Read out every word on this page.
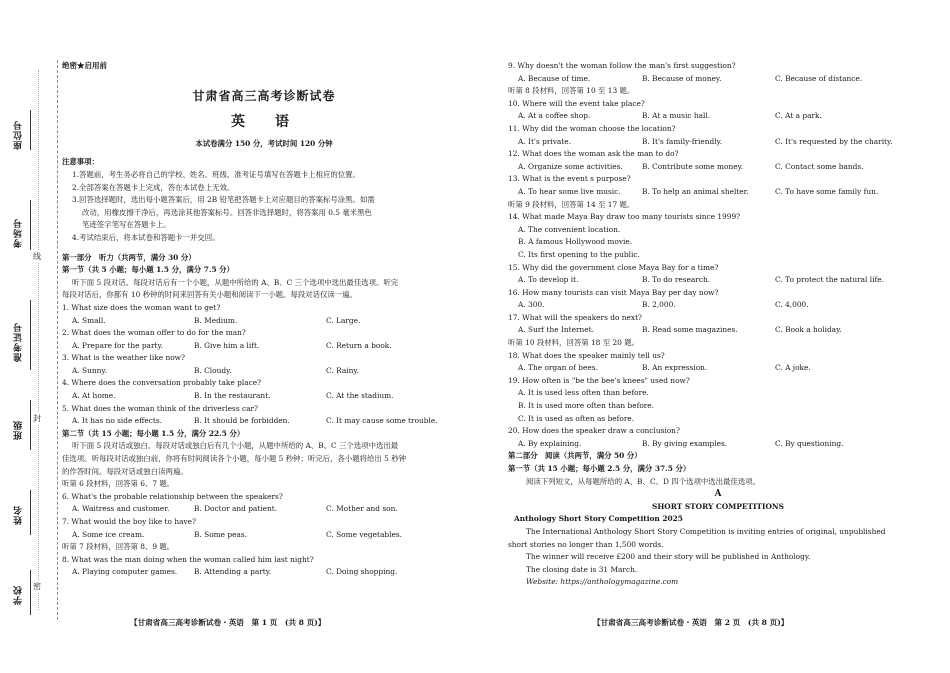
座位号
考场号
准考证号
班级
姓名
学校
线
封
密
绝密★启用前
甘肃省高三高考诊断试卷
英　语
本试卷满分 150 分，考试时间 120 分钟
注意事项：
1.答题前，考生务必将自己的学校、姓名、班级、准考证号填写在答题卡上相应的位置。
2.全部答案在答题卡上完成，答在本试卷上无效。
3.回答选择题时，选出每小题答案后，用 2B 铅笔把答题卡上对应题目的答案标号涂黑。如需
改动，用橡皮擦干净后，再选涂其他答案标号。回答非选择题时，将答案用 0.5 毫米黑色
笔迹签字笔写在答题卡上。
4.考试结束后，将本试卷和答题卡一并交回。
第一部分　听力（共两节，满分 30 分）
第一节（共 5 小题；每小题 1.5 分，满分 7.5 分）
听下面 5 段对话。每段对话后有一个小题，从题中所给的 A、B、C 三个选项中选出最佳选项。听完
每段对话后，你都有 10 秒钟的时间来回答有关小题和阅读下一小题。每段对话仅读一遍。
1. What size does the woman want to get?
A. Small.	B. Medium.	C. Large.
2. What does the woman offer to do for the man?
A. Prepare for the party.	B. Give him a lift.	C. Return a book.
3. What is the weather like now?
A. Sunny.	B. Cloudy.	C. Rainy.
4. Where does the conversation probably take place?
A. At home.	B. In the restaurant.	C. At the stadium.
5. What does the woman think of the driverless car?
A. It has no side effects.	B. It should be forbidden.	C. It may cause some trouble.
第二节（共 15 小题；每小题 1.5 分，满分 22.5 分）
听下面 5 段对话或独白。每段对话或独白后有几个小题，从题中所给的 A、B、C 三个选项中选出最
佳选项。听每段对话或独白前，你将有时间阅读各个小题，每小题 5 秒钟；听完后，各小题将给出 5 秒钟
的作答时间。每段对话或独白读两遍。
听第 6 段材料，回答第 6、7 题。
6. What's the probable relationship between the speakers?
A. Waitress and customer.	B. Doctor and patient.	C. Mother and son.
7. What would the boy like to have?
A. Some ice cream.	B. Some peas.	C. Some vegetables.
听第 7 段材料，回答第 8、9 题。
8. What was the man doing when the woman called him last night?
A. Playing computer games.	B. Attending a party.	C. Doing shopping.
【甘肃省高三高考诊断试卷・英语　第 1 页　(共 8 页)】
9. Why doesn't the woman follow the man's first suggestion?
A. Because of time.	B. Because of money.	C. Because of distance.
听第 8 段材料，回答第 10 至 13 题。
10. Where will the event take place?
A. At a coffee shop.	B. At a music hall.	C. At a park.
11. Why did the woman choose the location?
A. It's private.	B. It's family-friendly.	C. It's requested by the charity.
12. What does the woman ask the man to do?
A. Organize some activities.	B. Contribute some money.	C. Contact some bands.
13. What is the event s purpose?
A. To hear some live music.	B. To help an animal shelter.	C. To have some family fun.
听第 9 段材料，回答第 14 至 17 题。
14. What made Maya Bay draw too many tourists since 1999?
A. The convenient location.
B. A famous Hollywood movie.
C. Its first opening to the public.
15. Why did the government close Maya Bay for a time?
A. To develop it.	B. To do research.	C. To protect the natural life.
16. How many tourists can visit Maya Bay per day now?
A. 300.	B. 2,000.	C. 4,000.
17. What will the speakers do next?
A. Surf the Internet.	B. Read some magazines.	C. Book a holiday.
听第 10 段材料，回答第 18 至 20 题。
18. What does the speaker mainly tell us?
A. The organ of bees.	B. An expression.	C. A joke.
19. How often is "be the bee's knees" used now?
A. It is used less often than before.
B. It is used more often than before.
C. It is used as often as before.
20. How does the speaker draw a conclusion?
A. By explaining.	B. By giving examples.	C. By questioning.
第二部分　阅读（共两节，满分 50 分）
第一节（共 15 小题；每小题 2.5 分，满分 37.5 分）
阅读下列短文，从每题所给的 A、B、C、D 四个选项中选出最佳选项。
A
SHORT STORY COMPETITIONS
Anthology Short Story Competition 2025
The International Anthology Short Story Competition is inviting entries of original, unpublished
short stories no longer than 1,500 words.
The winner will receive £200 and their story will be published in Anthology.
The closing date is 31 March.
Website: https://anthologymagazine.com
【甘肃省高三高考诊断试卷・英语　第 2 页　(共 8 页)】
